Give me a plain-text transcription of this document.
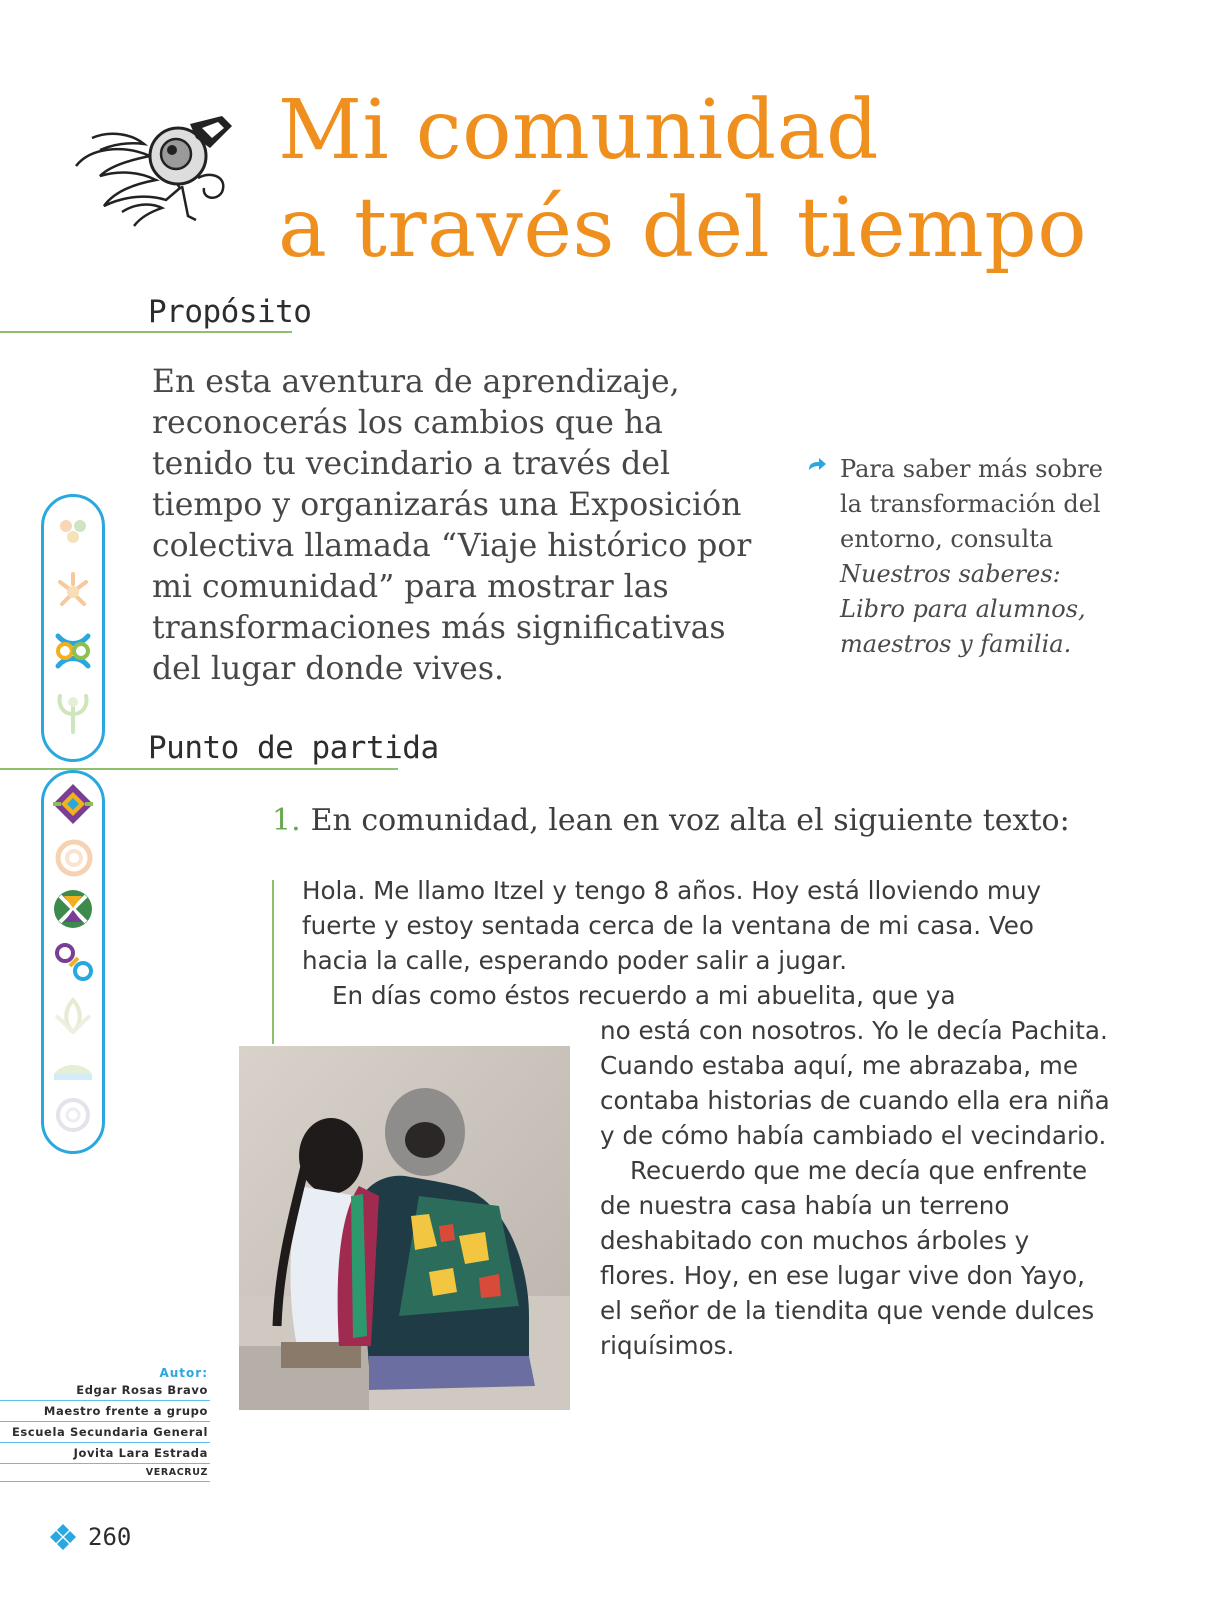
Mi comunidad
a través del tiempo
Propósito

En esta aventura de aprendizaje, reconocerás los cambios que ha tenido tu vecindario a través del tiempo y organizarás una Exposición colectiva llamada “Viaje histórico por mi comunidad” para mostrar las transformaciones más significativas del lugar donde vives.

Para saber más sobre la transformación del entorno, consulta
Nuestros saberes: Libro para alumnos, maestros y familia.
Punto de partida

1. En comunidad, lean en voz alta el siguiente texto:

Hola. Me llamo Itzel y tengo 8 años. Hoy está lloviendo muy fuerte y estoy sentada cerca de la ventana de mi casa. Veo hacia la calle, esperando poder salir a jugar.

En días como éstos recuerdo a mi abuelita, que ya

no está con nosotros. Yo le decía Pachita. Cuando estaba aquí, me abrazaba, me contaba historias de cuando ella era niña y de cómo había cambiado el vecindario.

Recuerdo que me decía que enfrente de nuestra casa había un terreno deshabitado con muchos árboles y flores. Hoy, en ese lugar vive don Yayo, el señor de la tiendita que vende dulces riquísimos.

Autor:
Edgar Rosas Bravo
Maestro frente a grupo
Escuela Secundaria General
Jovita Lara Estrada
VERACRUZ
260
